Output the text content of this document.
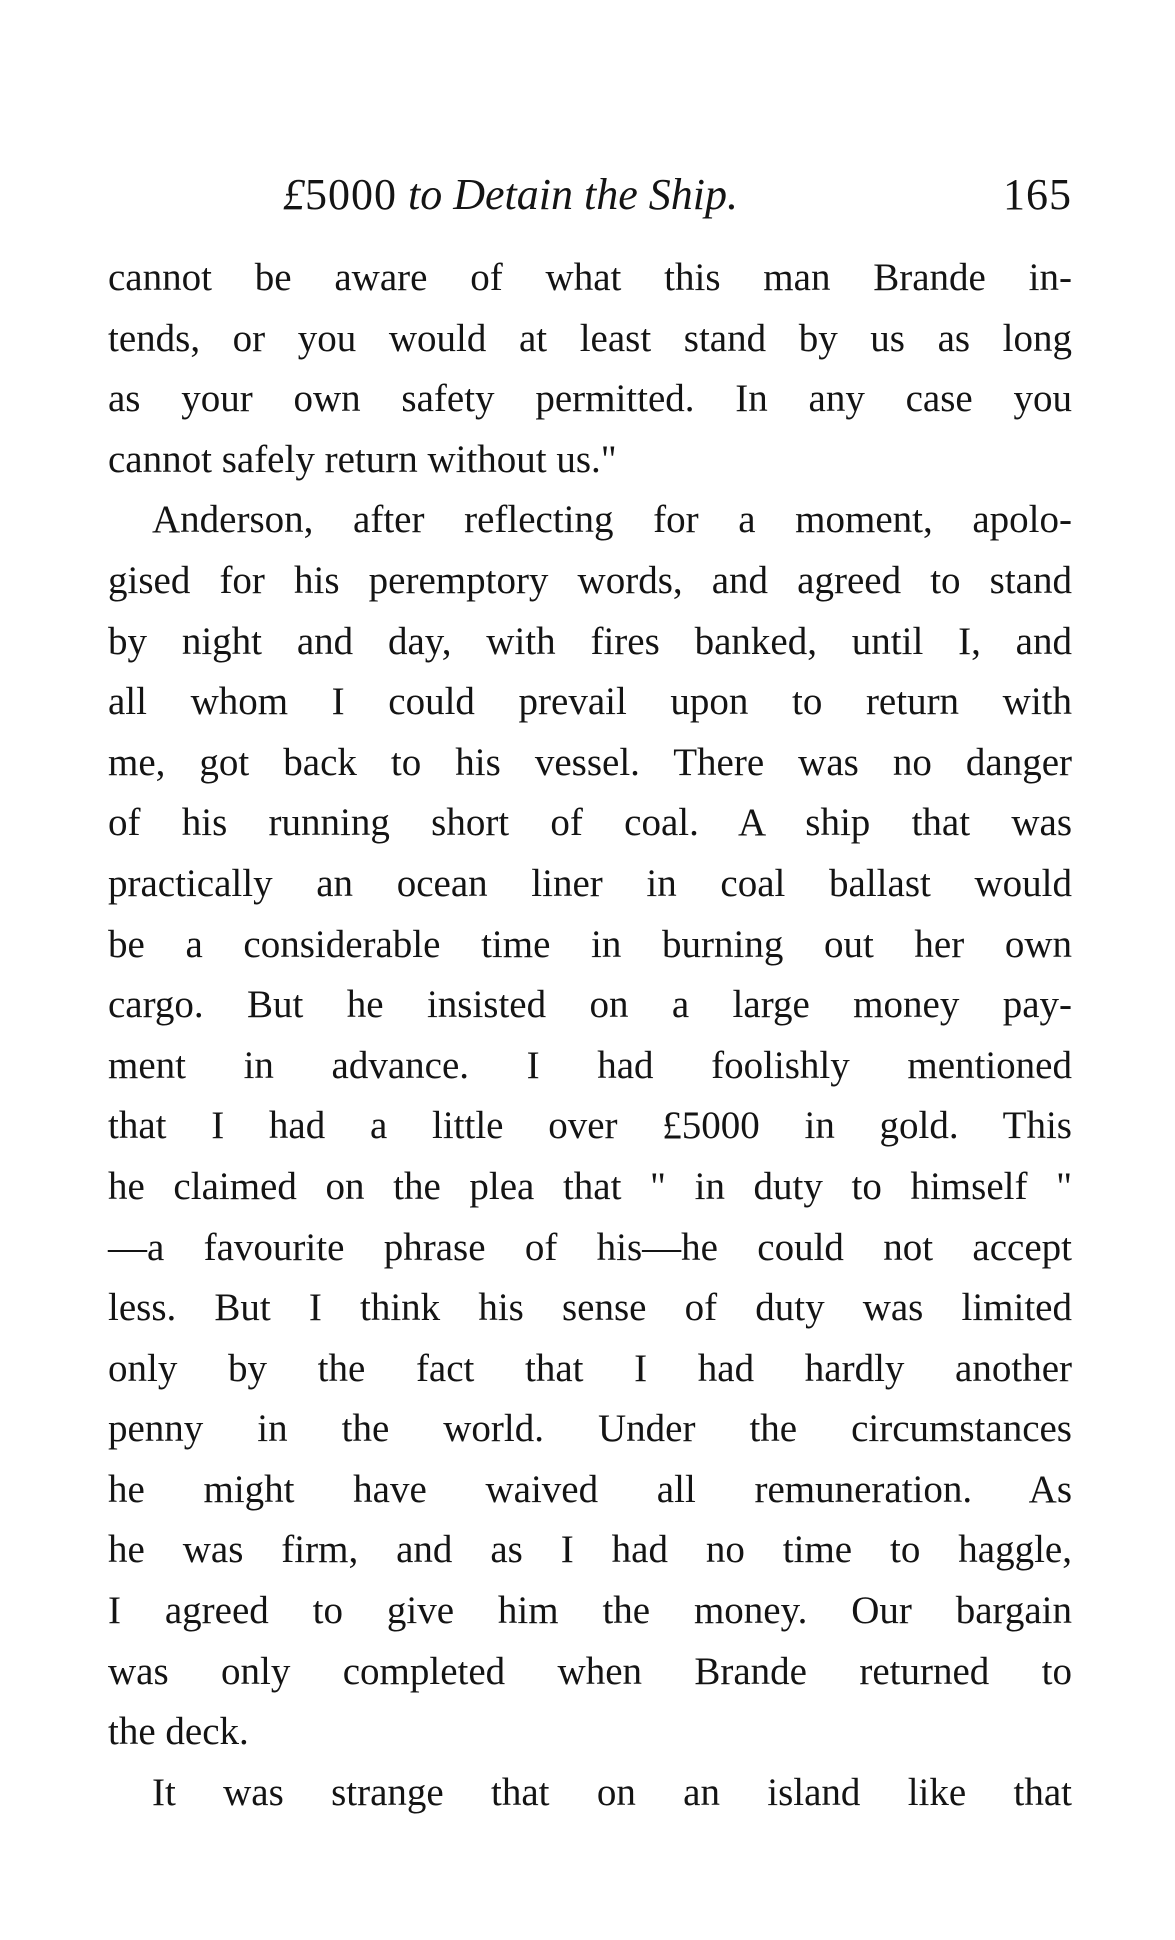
£5000 to Detain the Ship.	165
cannot be aware of what this man Brande in-
tends, or you would at least stand by us as long
as your own safety permitted. In any case you
cannot safely return without us."
Anderson, after reflecting for a moment, apolo-
gised for his peremptory words, and agreed to stand
by night and day, with fires banked, until I, and
all whom I could prevail upon to return with
me, got back to his vessel. There was no danger
of his running short of coal. A ship that was
practically an ocean liner in coal ballast would
be a considerable time in burning out her own
cargo. But he insisted on a large money pay-
ment in advance. I had foolishly mentioned
that I had a little over £5000 in gold. This
he claimed on the plea that " in duty to himself "
—a favourite phrase of his—he could not accept
less. But I think his sense of duty was limited
only by the fact that I had hardly another
penny in the world. Under the circumstances
he might have waived all remuneration. As
he was firm, and as I had no time to haggle,
I agreed to give him the money. Our bargain
was only completed when Brande returned to
the deck.
It was strange that on an island like that
